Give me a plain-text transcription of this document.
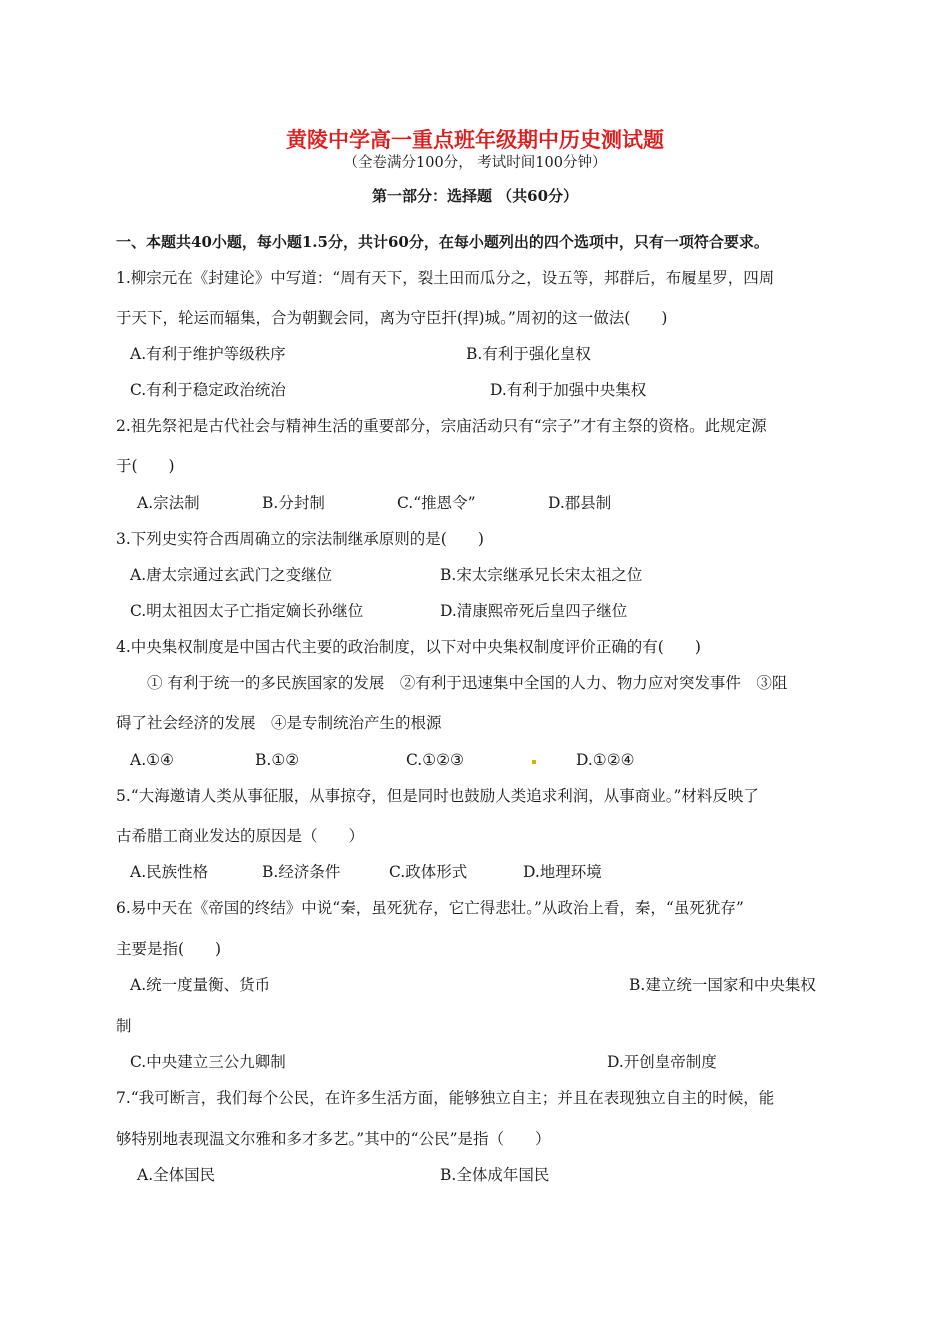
黄陵中学高一重点班年级期中历史测试题
（全卷满分100分， 考试时间100分钟）
第一部分：选择题 （共60分）
一、本题共40小题，每小题1.5分，共计60分，在每小题列出的四个选项中，只有一项符合要求。
1.柳宗元在《封建论》中写道：“周有天下，裂土田而瓜分之，设五等，邦群后，布履星罗，四周
于天下，轮运而辐集，合为朝觐会同，离为守臣扞(捍)城。”周初的这一做法(　　)
A.有利于维护等级秩序	B.有利于强化皇权
C.有利于稳定政治统治	D.有利于加强中央集权
2.祖先祭祀是古代社会与精神生活的重要部分，宗庙活动只有“宗子”才有主祭的资格。此规定源
于(　　)
A.宗法制	B.分封制	C.“推恩令”	D.郡县制
3.下列史实符合西周确立的宗法制继承原则的是(　　)
A.唐太宗通过玄武门之变继位	B.宋太宗继承兄长宋太祖之位
C.明太祖因太子亡指定嫡长孙继位	D.清康熙帝死后皇四子继位
4.中央集权制度是中国古代主要的政治制度，以下对中央集权制度评价正确的有(　　)
① 有利于统一的多民族国家的发展　②有利于迅速集中全国的人力、物力应对突发事件　③阻
碍了社会经济的发展　④是专制统治产生的根源
A.①④	B.①②	C.①②③	D.①②④
5.“大海邀请人类从事征服，从事掠夺，但是同时也鼓励人类追求利润，从事商业。”材料反映了
古希腊工商业发达的原因是（　　）
A.民族性格	B.经济条件	C.政体形式	D.地理环境
6.易中天在《帝国的终结》中说“秦，虽死犹存，它亡得悲壮。”从政治上看，秦，“虽死犹存”
主要是指(　　)
A.统一度量衡、货币	B.建立统一国家和中央集权
制
C.中央建立三公九卿制	D.开创皇帝制度
7.“我可断言，我们每个公民，在许多生活方面，能够独立自主；并且在表现独立自主的时候，能
够特别地表现温文尔雅和多才多艺。”其中的“公民”是指（　　）
A.全体国民	B.全体成年国民
